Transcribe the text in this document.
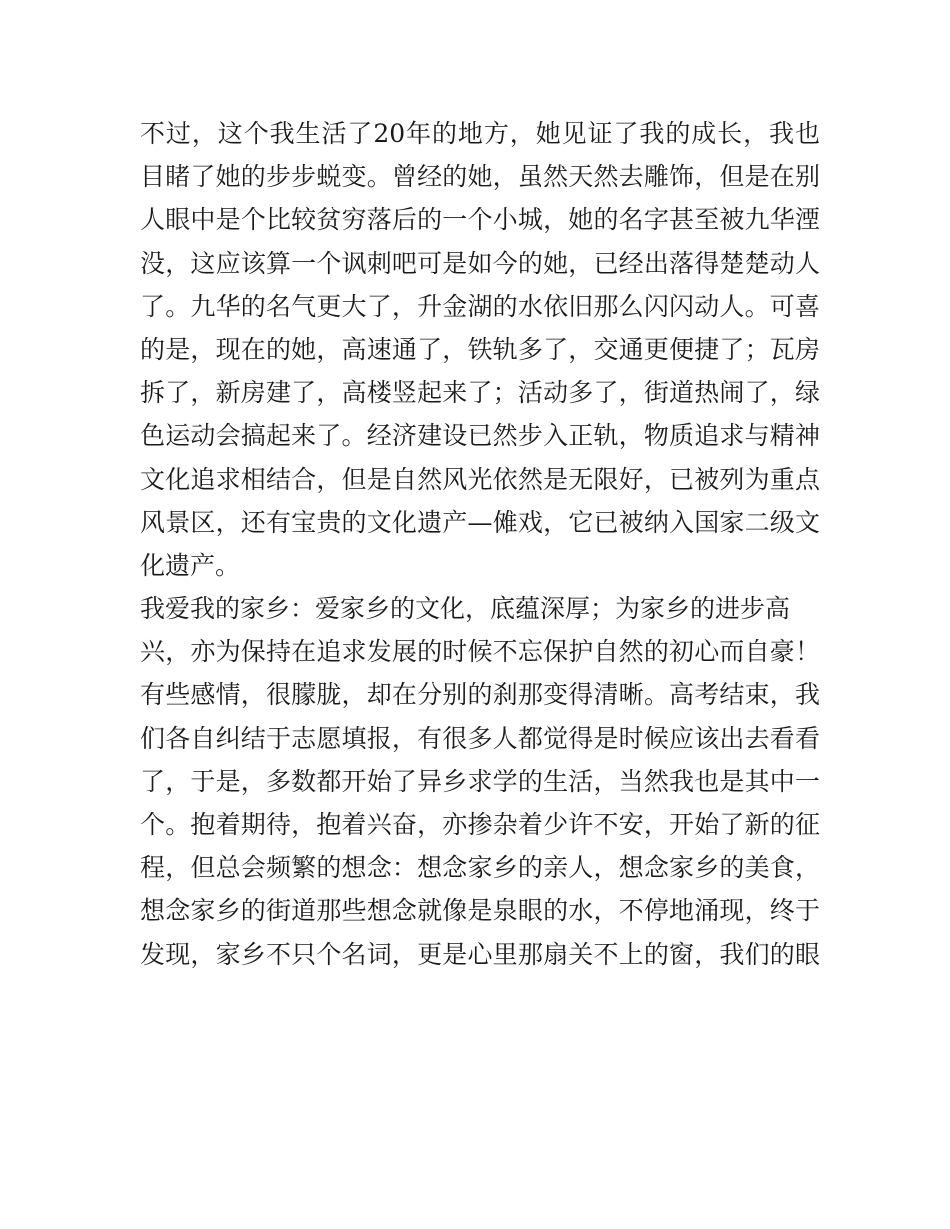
不过，这个我生活了20年的地方，她见证了我的成长，我也
目睹了她的步步蜕变。曾经的她，虽然天然去雕饰，但是在别
人眼中是个比较贫穷落后的一个小城，她的名字甚至被九华湮
没，这应该算一个讽刺吧可是如今的她，已经出落得楚楚动人
了。九华的名气更大了，升金湖的水依旧那么闪闪动人。可喜
的是，现在的她，高速通了，铁轨多了，交通更便捷了；瓦房
拆了，新房建了，高楼竖起来了；活动多了，街道热闹了，绿
色运动会搞起来了。经济建设已然步入正轨，物质追求与精神
文化追求相结合，但是自然风光依然是无限好，已被列为重点
风景区，还有宝贵的文化遗产—傩戏，它已被纳入国家二级文
化遗产。
我爱我的家乡：爱家乡的文化，底蕴深厚；为家乡的进步高
兴，亦为保持在追求发展的时候不忘保护自然的初心而自豪！
有些感情，很朦胧，却在分别的刹那变得清晰。高考结束，我
们各自纠结于志愿填报，有很多人都觉得是时候应该出去看看
了，于是，多数都开始了异乡求学的生活，当然我也是其中一
个。抱着期待，抱着兴奋，亦掺杂着少许不安，开始了新的征
程，但总会频繁的想念：想念家乡的亲人，想念家乡的美食，
想念家乡的街道那些想念就像是泉眼的水，不停地涌现，终于
发现，家乡不只个名词，更是心里那扇关不上的窗，我们的眼
